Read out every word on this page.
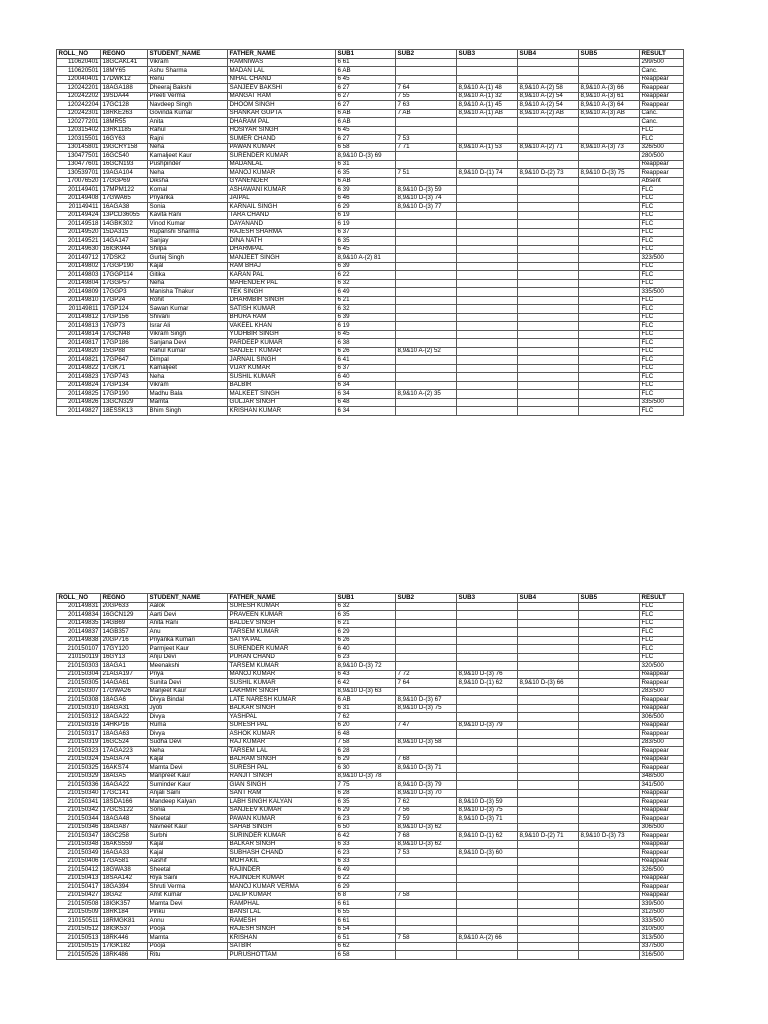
ROLL_NO	REGNO	STUDENT_NAME	FATHER_NAME	SUB1	SUB2	SUB3	SUB4	SUB5	RESULT
110620401	18GCAKL41	Vikram	RAMNIWAS	6 61					299/500
110620501	18MY65	Ashu Sharma	MADAN LAL	6 AB					Canc.
120040401	17DWK12	Renu	NIHAL CHAND	6 45					Reappear
120242201	18AGA188	Dheeraj Bakshi	SANJEEV BAKSHI	6 27	7 64	8,9&10 A-(1) 48	8,9&10 A-(2) 58	8,9&10 A-(3) 66	Reappear
120242202	19SDA44	Preeti Verma	MANGAT RAM	6 27	7 55	8,9&10 A-(1) 32	8,9&10 A-(2) 54	8,9&10 A-(3) 61	Reappear
120242204	17GC128	Navdeep Singh	DHOOM SINGH	6 27	7 63	8,9&10 A-(1) 45	8,9&10 A-(2) 54	8,9&10 A-(3) 64	Reappear
120242301	18RKE263	Govinda Kumar	SHANKAR GUPTA	6 AB	7 AB	8,9&10 A-(1) AB	8,9&10 A-(2) AB	8,9&10 A-(3) AB	Canc.
120277201	18MR55	Anita	DHARAM PAL	6 AB					Canc.
120315402	13RK1185	Rahul	HOSIYAR SINGH	6 45					FLC
120315501	16GY63	Rajni	SUMER CHAND	6 27	7 53				FLC
130145801	19GCRY158	Neha	PAWAN KUMAR	6 58	7 71	8,9&10 A-(1) 53	8,9&10 A-(2) 71	8,9&10 A-(3) 73	326/500
130477501	16GC540	Kamaljeet Kaur	SURENDER KUMAR	8,9&10 D-(3) 69					280/500
130477601	16GCN193	Pushpinder	MADANLAL	6 31					Reappear
130539701	19AGA104	Neha	MANOJ KUMAR	6 35	7 51	8,9&10 D-(1) 74	8,9&10 D-(2) 73	8,9&10 D-(3) 75	Reappear
170076520	17GGP69	Diksha	GYANENDER	6 AB					Absent
201149401	17MPM122	Komal	ASHAWANI KUMAR	6 39	8,9&10 D-(3) 59				FLC
201149408	17GWA65	Priyanka	JAIPAL	6 46	8,9&10 D-(3) 74				FLC
201149411	16AGA38	Sonia	KARNAIL SINGH	6 29	8,9&10 D-(3) 77				FLC
201149424	13PCD36055	Kavita Rani	TARA CHAND	6 19					FLC
201149518	14GBK302	Vinod Kumar	DAYANAND	6 19					FLC
201149520	15DA315	Rupanshi Sharma	RAJESH SHARMA	6 37					FLC
201149521	14GA147	Sanjay	DINA NATH	6 35					FLC
201149630	16IGK944	Shilpa	DHARMPAL	6 45					FLC
201149712	17DSK2	Gurtej Singh	MANJEET SINGH	8,9&10 A-(2) 81					323/500
201149802	17GGP190	Kajal	RAM BHAJ	6 39					FLC
201149803	17GGP114	Gitika	KARAN PAL	6 22					FLC
201149804	17GGP57	Neha	MAHENDER PAL	6 32					FLC
201149809	17GGP3	Manisha Thakur	TEK SINGH	6 49					335/500
201149810	17GP24	Rohit	DHARMBIR SINGH	6 21					FLC
201149811	17GP124	Sawan Kumar	SATISH KUMAR	6 32					FLC
201149812	17GP156	Shivani	BHURA RAM	6 39					FLC
201149813	17GP73	Israr Ali	VAKEEL KHAN	6 19					FLC
201149814	17GCN48	Vikram Singh	YUDHBIR SINGH	6 45					FLC
201149817	17GP186	Sanjana Devi	PARDEEP KUMAR	6 38					FLC
201149820	15GP88	Rahul Kumar	SANJEET KUMAR	6 26	8,9&10 A-(2) 52				FLC
201149821	17GP647	Dimpal	JARNAIL SINGH	6 41					FLC
201149822	17GK71	Kamaljeet	VIJAY KUMAR	6 37					FLC
201149823	17GP743	Neha	SUSHIL KUMAR	6 40					FLC
201149824	17GP134	Vikram	BALBIR	6 34					FLC
201149825	17GP190	Madhu Bala	MALKEET SINGH	6 34	8,9&10 A-(2) 35				FLC
201149826	13GCN329	Mamta	GULJAR SINGH	6 48					335/500
201149827	18ESSK13	Bhim Singh	KRISHAN KUMAR	6 34					FLC
ROLL_NO	REGNO	STUDENT_NAME	FATHER_NAME	SUB1	SUB2	SUB3	SUB4	SUB5	RESULT
201149831	20GP633	Aalok	SURESH KUMAR	6 32					FLC
201149834	16GCN129	Aarti Devi	PRAVEEN KUMAR	6 35					FLC
201149835	14GB69	Anita Rani	BALDEV SINGH	6 21					FLC
201149837	14GB357	Anu	TARSEM KUMAR	6 29					FLC
201149838	20GP716	Priyanka Kumari	SATYA PAL	6 26					FLC
210150107	17GY120	Parmjeet Kaur	SURENDER KUMAR	6 40					FLC
210150119	16GY13	Anju Devi	PURAN CHAND	6 23					FLC
210150303	18AGA1	Meenakshi	TARSEM KUMAR	8,9&10 D-(3) 72					320/500
210150304	21AGA197	Priya	MANOJ KUMAR	6 43	7 72	8,9&10 D-(3) 76			Reappear
210150305	14AGA61	Sunita Devi	SUSHIL KUMAR	6 42	7 64	8,9&10 D-(1) 62	8,9&10 D-(3) 66		Reappear
210150307	17GWA26	Manjeet Kaur	LAKHMIR SINGH	8,9&10 D-(3) 63					283/500
210150308	18AGA6	Divya Bindal	LATE NARESH KUMAR	6 AB	8,9&10 D-(3) 67				Reappear
210150310	18AGA31	Jyoti	BALKAR SINGH	6 31	8,9&10 D-(3) 75				Reappear
210150312	18AGA22	Divya	YASHPAL	7 62					306/500
210150316	14HKP16	Ruma	SURESH PAL	6 20	7 47	8,9&10 D-(3) 79			Reappear
210150317	18AGA63	Divya	ASHOK KUMAR	6 48					Reappear
210150319	16GC524	Sudha Devi	RAJ KUMAR	7 58	8,9&10 D-(3) 58				283/500
210150323	17AGA223	Neha	TARSEM LAL	6 28					Reappear
210150324	15AGA74	Kajal	BALRAM SINGH	6 29	7 68				Reappear
210150325	16AKS74	Mamta Devi	SURESH PAL	6 30	8,9&10 D-(3) 71				Reappear
210150329	18AGA5	Manpreet Kaur	RANJIT SINGH	8,9&10 D-(3) 78					348/500
210150336	16AGA22	Suminder Kaur	GIAN SINGH	7 75	8,9&10 D-(3) 79				341/500
210150340	17GC141	Anjali Saini	SANT RAM	6 28	8,9&10 D-(3) 70				Reappear
210150341	18SDA166	Mandeep Kalyan	LABH SINGH KALYAN	6 35	7 62	8,9&10 D-(3) 59			Reappear
210150342	17GCS122	Sonia	SANJEEV KUMAR	6 29	7 56	8,9&10 D-(3) 75			Reappear
210150344	18AGA48	Sheetal	PAWAN KUMAR	6 23	7 59	8,9&10 D-(3) 71			Reappear
210150346	18AGA87	Navneet Kaur	SAHAB SINGH	6 50	8,9&10 D-(3) 62				306/500
210150347	18GC258	Surbhi	SURINDER KUMAR	6 42	7 68	8,9&10 D-(1) 62	8,9&10 D-(2) 71	8,9&10 D-(3) 73	Reappear
210150348	16AKS559	Kajal	BALKAR SINGH	6 33	8,9&10 D-(3) 62				Reappear
210150349	16AGA33	Kajal	SUBHASH CHAND	6 23	7 53	8,9&10 D-(3) 60			Reappear
210150406	17GA581	Aashif	MOH AKIL	6 33					Reappear
210150412	18GWA38	Sheetal	RAJINDER	6 49					326/500
210150413	18SAA142	Riya Saini	RAJINDER KUMAR	6 22					Reappear
210150417	18GA394	Shruti Verma	MANOJ KUMAR VERMA	6 29					Reappear
210150427	18GA2	Amit Kumar	DALIP KUMAR	6 8	7 58				Reappear
210150508	18IGK357	Mamta Devi	RAMPHAL	6 61					339/500
210150509	18RK184	Pinku	BANSI LAL	6 55					312/500
210150511	18RMGK81	Annu	RAMESH	6 61					333/500
210150512	18IGK537	Pooja	RAJESH SINGH	6 54					310/500
210150513	18RK446	Mamta	KRISHAN	6 51	7 58	8,9&10 A-(2) 66			313/500
210150515	17IGK182	Pooja	SATBIR	6 62					337/500
210150526	18RK486	Ritu	PURUSHOTTAM	6 58					316/500
